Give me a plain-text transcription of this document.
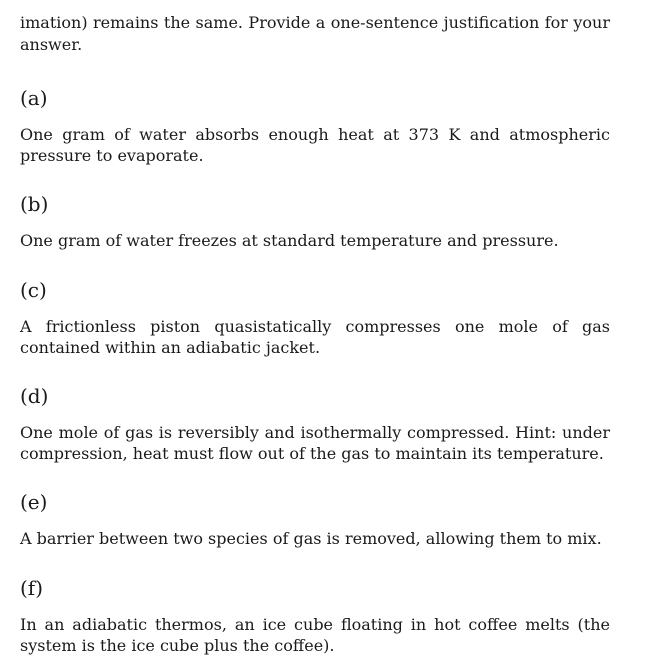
imation) remains the same. Provide a one-sentence justification for your answer.
(a)
One gram of water absorbs enough heat at 373 K and atmospheric pressure to evaporate.
(b)
One gram of water freezes at standard temperature and pressure.
(c)
A frictionless piston quasistatically compresses one mole of gas contained within an adiabatic jacket.
(d)
One mole of gas is reversibly and isothermally compressed. Hint: under compression, heat must flow out of the gas to maintain its temperature.
(e)
A barrier between two species of gas is removed, allowing them to mix.
(f)
In an adiabatic thermos, an ice cube floating in hot coffee melts (the system is the ice cube plus the coffee).
